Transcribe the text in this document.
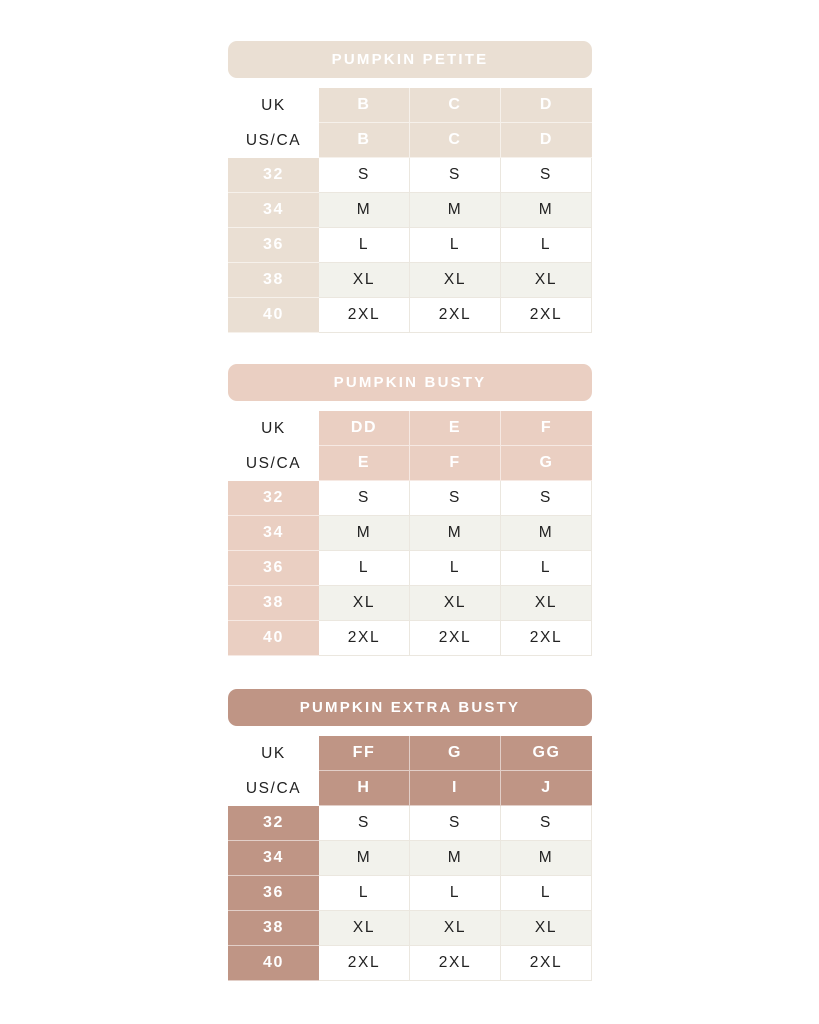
PUMPKIN PETITE
UK	B	C	D
US/CA	B	C	D
32	S	S	S
34	M	M	M
36	L	L	L
38	XL	XL	XL
40	2XL	2XL	2XL
PUMPKIN BUSTY
UK	DD	E	F
US/CA	E	F	G
32	S	S	S
34	M	M	M
36	L	L	L
38	XL	XL	XL
40	2XL	2XL	2XL
PUMPKIN EXTRA BUSTY
UK	FF	G	GG
US/CA	H	I	J
32	S	S	S
34	M	M	M
36	L	L	L
38	XL	XL	XL
40	2XL	2XL	2XL
